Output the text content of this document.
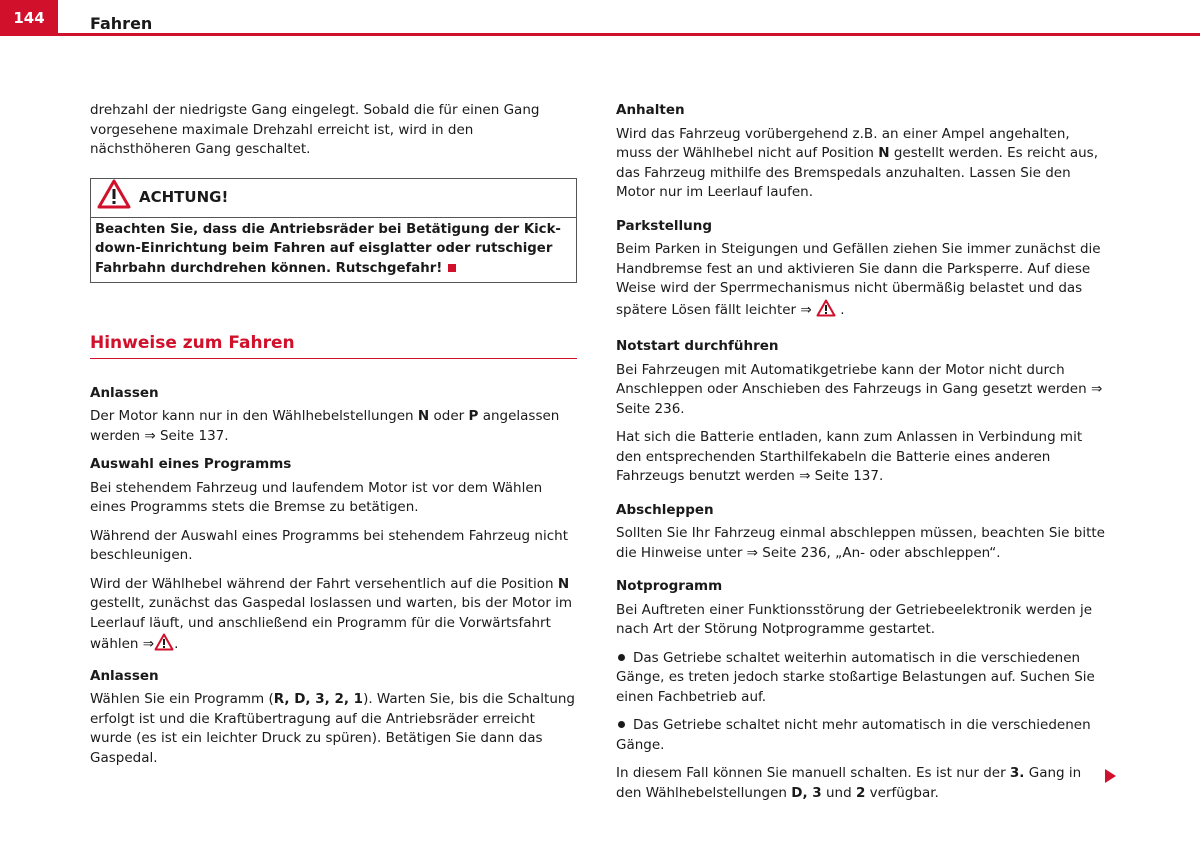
144	Fahren

drehzahl der niedrigste Gang eingelegt. Sobald die für einen Gang vorgesehene maximale Drehzahl erreicht ist, wird in den nächsthöheren Gang geschaltet.

ACHTUNG!
Beachten Sie, dass die Antriebsräder bei Betätigung der Kick-down-Einrichtung beim Fahren auf eisglatter oder rutschiger Fahrbahn durchdrehen können. Rutschgefahr!
Hinweise zum Fahren
Anlassen

Der Motor kann nur in den Wählhebelstellungen N oder P angelassen werden ⇒ Seite 137.

Auswahl eines Programms

Bei stehendem Fahrzeug und laufendem Motor ist vor dem Wählen eines Programms stets die Bremse zu betätigen.

Während der Auswahl eines Programms bei stehendem Fahrzeug nicht beschleunigen.

Wird der Wählhebel während der Fahrt versehentlich auf die Position N gestellt, zunächst das Gaspedal loslassen und warten, bis der Motor im Leerlauf läuft, und anschließend ein Programm für die Vorwärtsfahrt wählen ⇒ .

Anlassen

Wählen Sie ein Programm (R, D, 3, 2, 1). Warten Sie, bis die Schaltung erfolgt ist und die Kraftübertragung auf die Antriebsräder erreicht wurde (es ist ein leichter Druck zu spüren). Betätigen Sie dann das Gaspedal.

Anhalten

Wird das Fahrzeug vorübergehend z.B. an einer Ampel angehalten, muss der Wählhebel nicht auf Position N gestellt werden. Es reicht aus, das Fahrzeug mithilfe des Bremspedals anzuhalten. Lassen Sie den Motor nur im Leerlauf laufen.

Parkstellung

Beim Parken in Steigungen und Gefällen ziehen Sie immer zunächst die Handbremse fest an und aktivieren Sie dann die Parksperre. Auf diese Weise wird der Sperrmechanismus nicht übermäßig belastet und das spätere Lösen fällt leichter ⇒  .

Notstart durchführen

Bei Fahrzeugen mit Automatikgetriebe kann der Motor nicht durch Anschleppen oder Anschieben des Fahrzeugs in Gang gesetzt werden ⇒ Seite 236.

Hat sich die Batterie entladen, kann zum Anlassen in Verbindung mit den entsprechenden Starthilfekabeln die Batterie eines anderen Fahrzeugs benutzt werden ⇒ Seite 137.

Abschleppen

Sollten Sie Ihr Fahrzeug einmal abschleppen müssen, beachten Sie bitte die Hinweise unter ⇒ Seite 236, „An- oder abschleppen“.

Notprogramm

Bei Auftreten einer Funktionsstörung der Getriebeelektronik werden je nach Art der Störung Notprogramme gestartet.

Das Getriebe schaltet weiterhin automatisch in die verschiedenen Gänge, es treten jedoch starke stoßartige Belastungen auf. Suchen Sie einen Fachbetrieb auf.

Das Getriebe schaltet nicht mehr automatisch in die verschiedenen Gänge.

In diesem Fall können Sie manuell schalten. Es ist nur der 3. Gang in den Wählhebelstellungen D, 3 und 2 verfügbar.
